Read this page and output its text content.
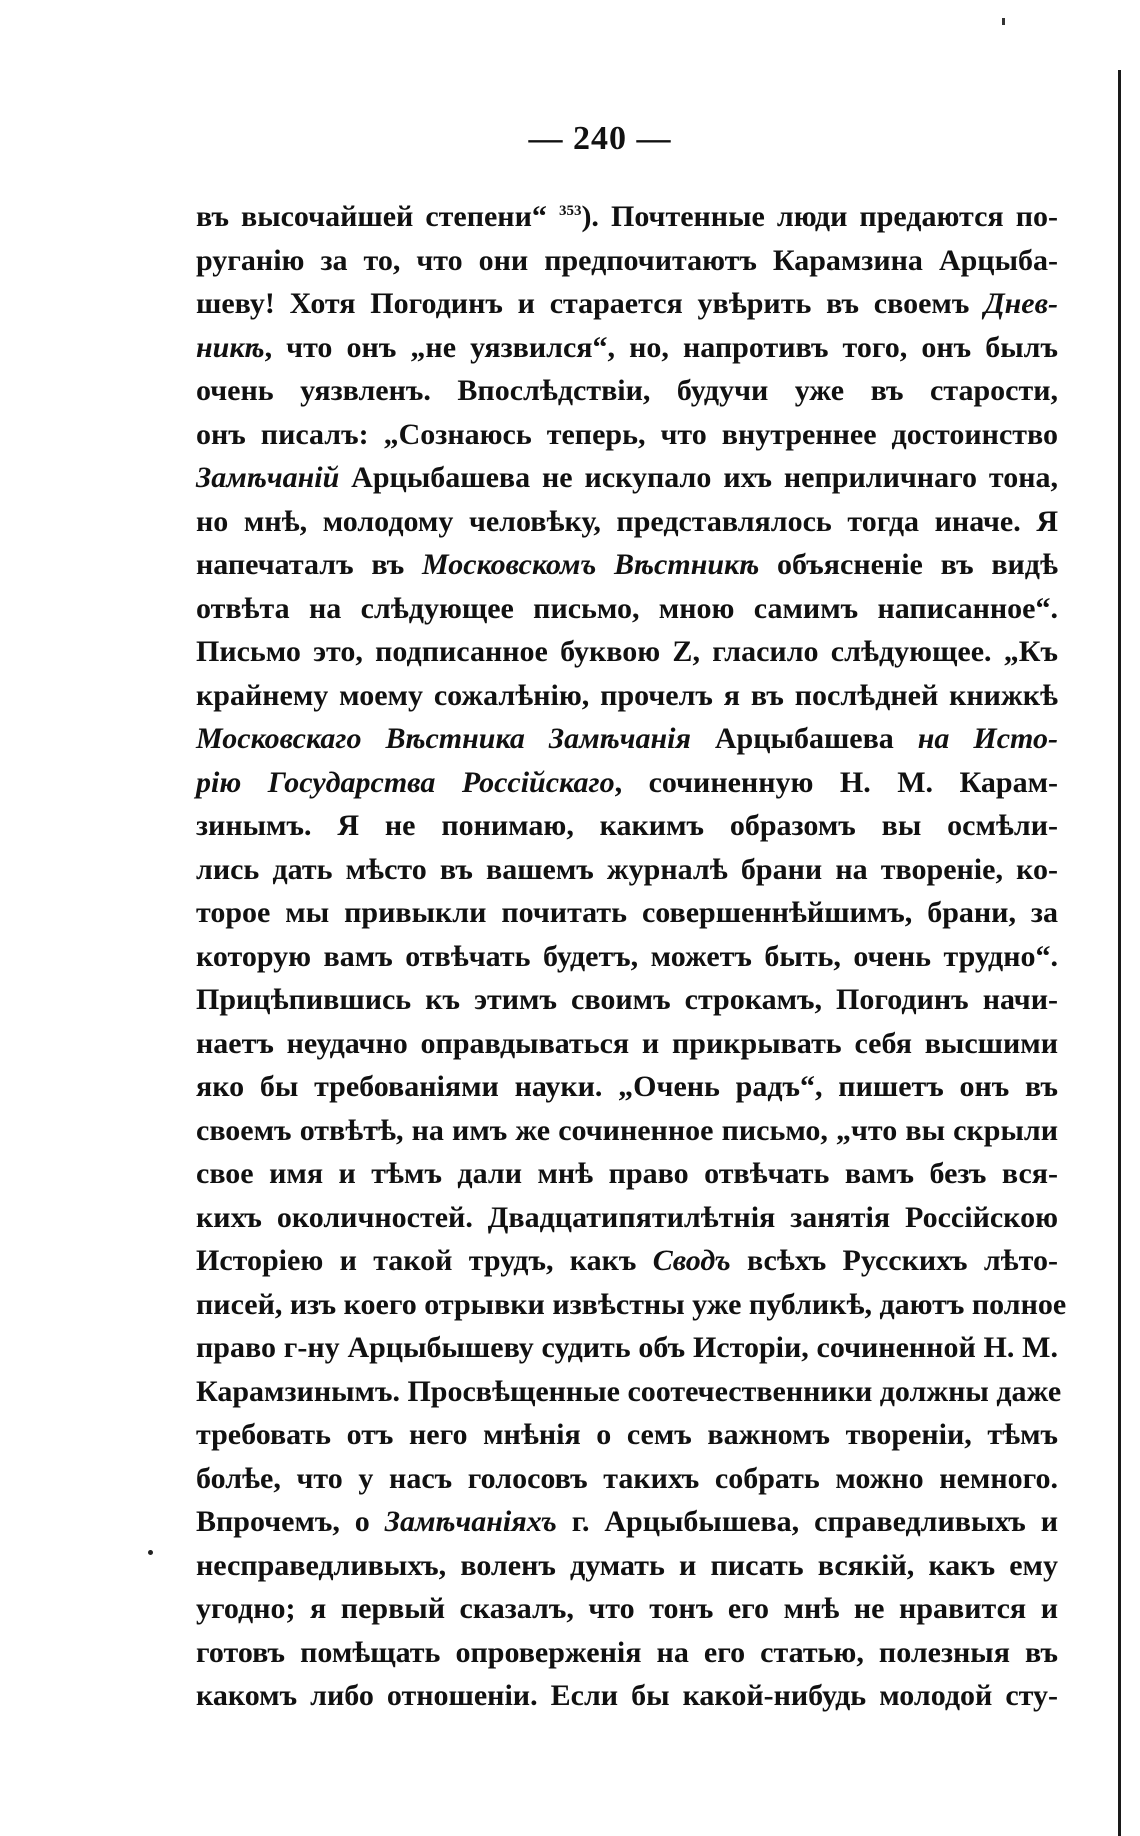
— 240 —
въ высочайшей степени“ $^{353}$). Почтенные люди предаются по-
руганію за то, что они предпочитаютъ Карамзина Арцыба-
шеву! Хотя Погодинъ и старается увѣрить въ своемъ Днев-
никѣ, что онъ „не уязвился“, но, напротивъ того, онъ былъ
очень уязвленъ. Впослѣдствіи, будучи уже въ старости,
онъ писалъ: „Сознаюсь теперь, что внутреннее достоинство
Замѣчаній Арцыбашева не искупало ихъ неприличнаго тона,
но мнѣ, молодому человѣку, представлялось тогда иначе. Я
напечаталъ въ Московскомъ Вѣстникѣ объясненіе въ видѣ
отвѣта на слѣдующее письмо, мною самимъ написанное“.
Письмо это, подписанное буквою Z, гласило слѣдующее. „Къ
крайнему моему сожалѣнію, прочелъ я въ послѣдней книжкѣ
Московскаго Вѣстника Замѣчанія Арцыбашева на Исто-
рію Государства Россійскаго, сочиненную Н. М. Карам-
зинымъ. Я не понимаю, какимъ образомъ вы осмѣли-
лись дать мѣсто въ вашемъ журналѣ брани на твореніе, ко-
торое мы привыкли почитать совершеннѣйшимъ, брани, за
которую вамъ отвѣчать будетъ, можетъ быть, очень трудно“.
Прицѣпившись къ этимъ своимъ строкамъ, Погодинъ начи-
наетъ неудачно оправдываться и прикрывать себя высшими
яко бы требованіями науки. „Очень радъ“, пишетъ онъ въ
своемъ отвѣтѣ, на имъ же сочиненное письмо, „что вы скрыли
свое имя и тѣмъ дали мнѣ право отвѣчать вамъ безъ вся-
кихъ околичностей. Двадцатипятилѣтнія занятія Россійскою
Исторіею и такой трудъ, какъ Сводъ всѣхъ Русскихъ лѣто-
писей, изъ коего отрывки извѣстны уже публикѣ, даютъ полное
право г-ну Арцыбышеву судить объ Исторіи, сочиненной Н. М.
Карамзинымъ. Просвѣщенные соотечественники должны даже
требовать отъ него мнѣнія о семъ важномъ твореніи, тѣмъ
болѣе, что у насъ голосовъ такихъ собрать можно немного.
Впрочемъ, о Замѣчаніяхъ г. Арцыбышева, справедливыхъ и
несправедливыхъ, воленъ думать и писать всякій, какъ ему
угодно; я первый сказалъ, что тонъ его мнѣ не нравится и
готовъ помѣщать опроверженія на его статью, полезныя въ
какомъ либо отношеніи. Если бы какой-нибудь молодой сту-
